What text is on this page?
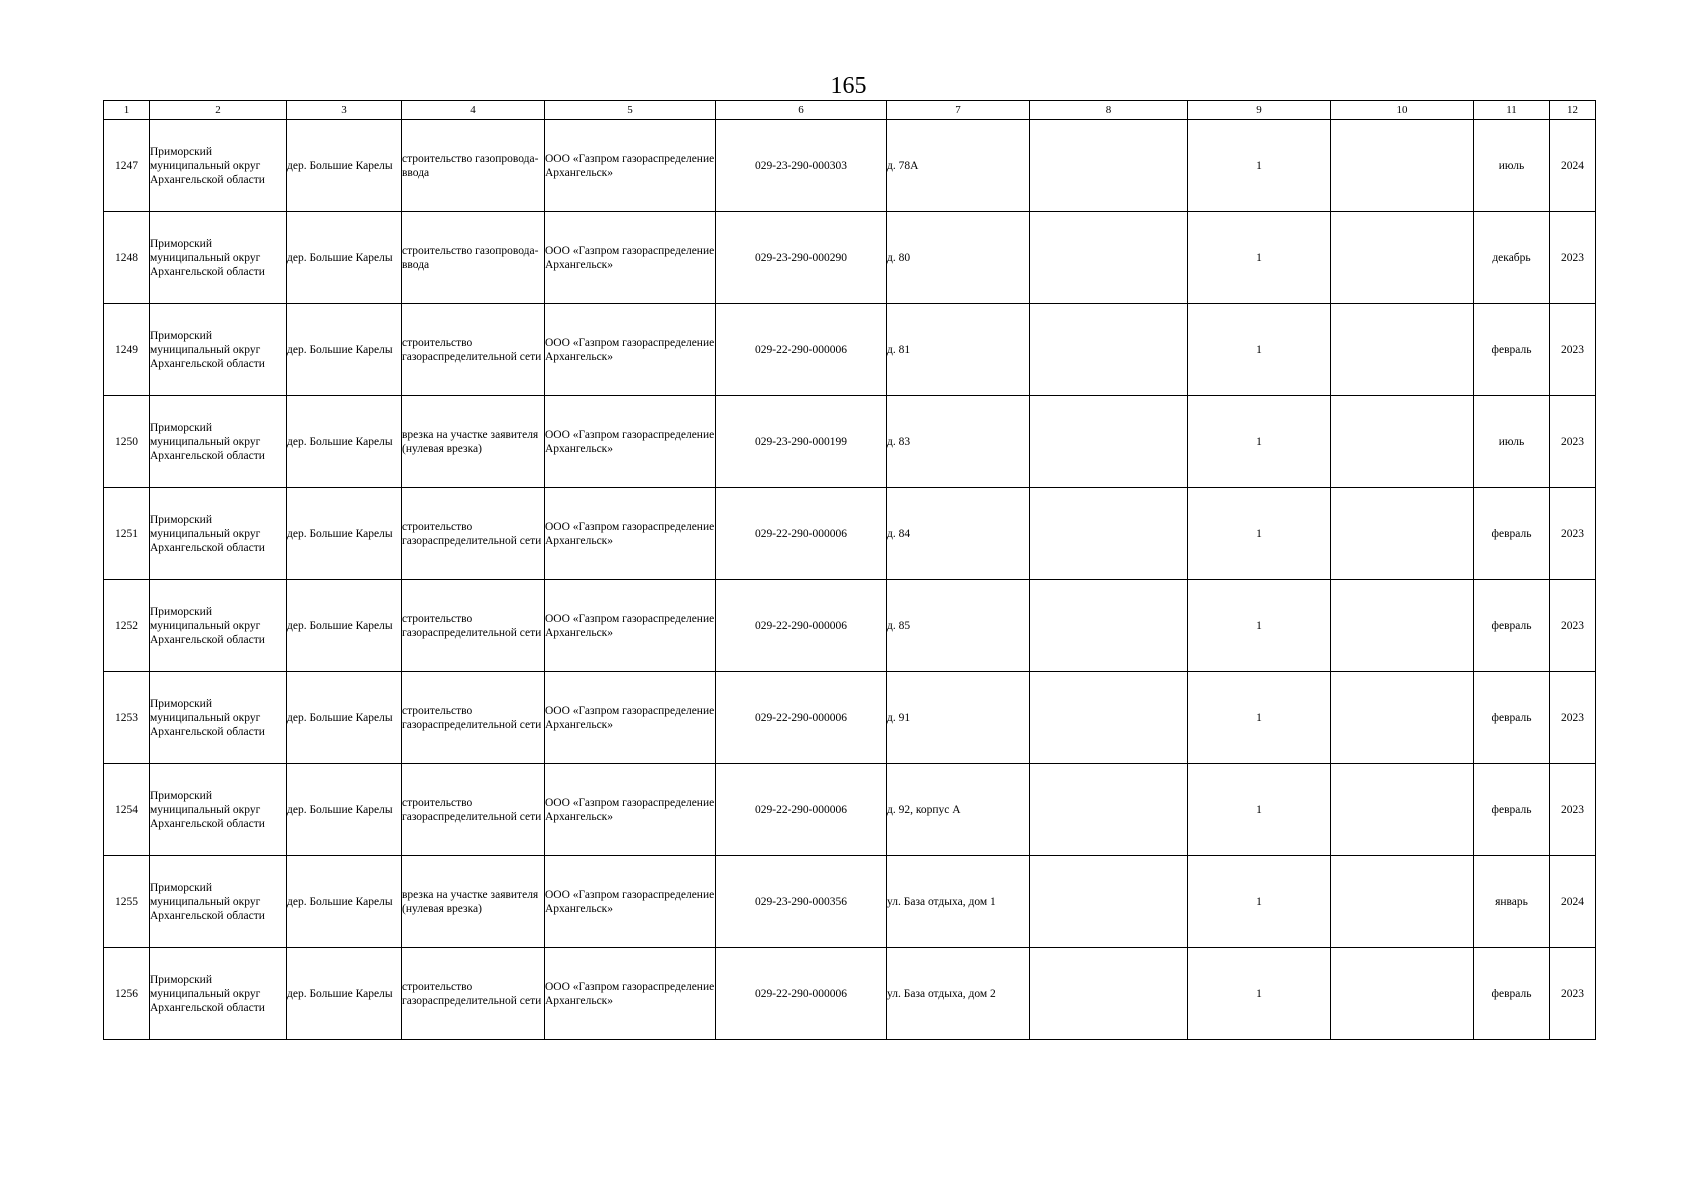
165
1	2	3	4	5	6	7	8	9	10	11	12
1247	Приморский муниципальный округ Архангельской области	дер. Большие Карелы	строительство газопровода-ввода	ООО «Газпром газораспределение Архангельск»	029-23-290-000303	д. 78А		1		июль	2024
1248	Приморский муниципальный округ Архангельской области	дер. Большие Карелы	строительство газопровода-ввода	ООО «Газпром газораспределение Архангельск»	029-23-290-000290	д. 80		1		декабрь	2023
1249	Приморский муниципальный округ Архангельской области	дер. Большие Карелы	строительство газораспределительной сети	ООО «Газпром газораспределение Архангельск»	029-22-290-000006	д. 81		1		февраль	2023
1250	Приморский муниципальный округ Архангельской области	дер. Большие Карелы	врезка на участке заявителя (нулевая врезка)	ООО «Газпром газораспределение Архангельск»	029-23-290-000199	д. 83		1		июль	2023
1251	Приморский муниципальный округ Архангельской области	дер. Большие Карелы	строительство газораспределительной сети	ООО «Газпром газораспределение Архангельск»	029-22-290-000006	д. 84		1		февраль	2023
1252	Приморский муниципальный округ Архангельской области	дер. Большие Карелы	строительство газораспределительной сети	ООО «Газпром газораспределение Архангельск»	029-22-290-000006	д. 85		1		февраль	2023
1253	Приморский муниципальный округ Архангельской области	дер. Большие Карелы	строительство газораспределительной сети	ООО «Газпром газораспределение Архангельск»	029-22-290-000006	д. 91		1		февраль	2023
1254	Приморский муниципальный округ Архангельской области	дер. Большие Карелы	строительство газораспределительной сети	ООО «Газпром газораспределение Архангельск»	029-22-290-000006	д. 92, корпус А		1		февраль	2023
1255	Приморский муниципальный округ Архангельской области	дер. Большие Карелы	врезка на участке заявителя (нулевая врезка)	ООО «Газпром газораспределение Архангельск»	029-23-290-000356	ул. База отдыха, дом 1		1		январь	2024
1256	Приморский муниципальный округ Архангельской области	дер. Большие Карелы	строительство газораспределительной сети	ООО «Газпром газораспределение Архангельск»	029-22-290-000006	ул. База отдыха, дом 2		1		февраль	2023
